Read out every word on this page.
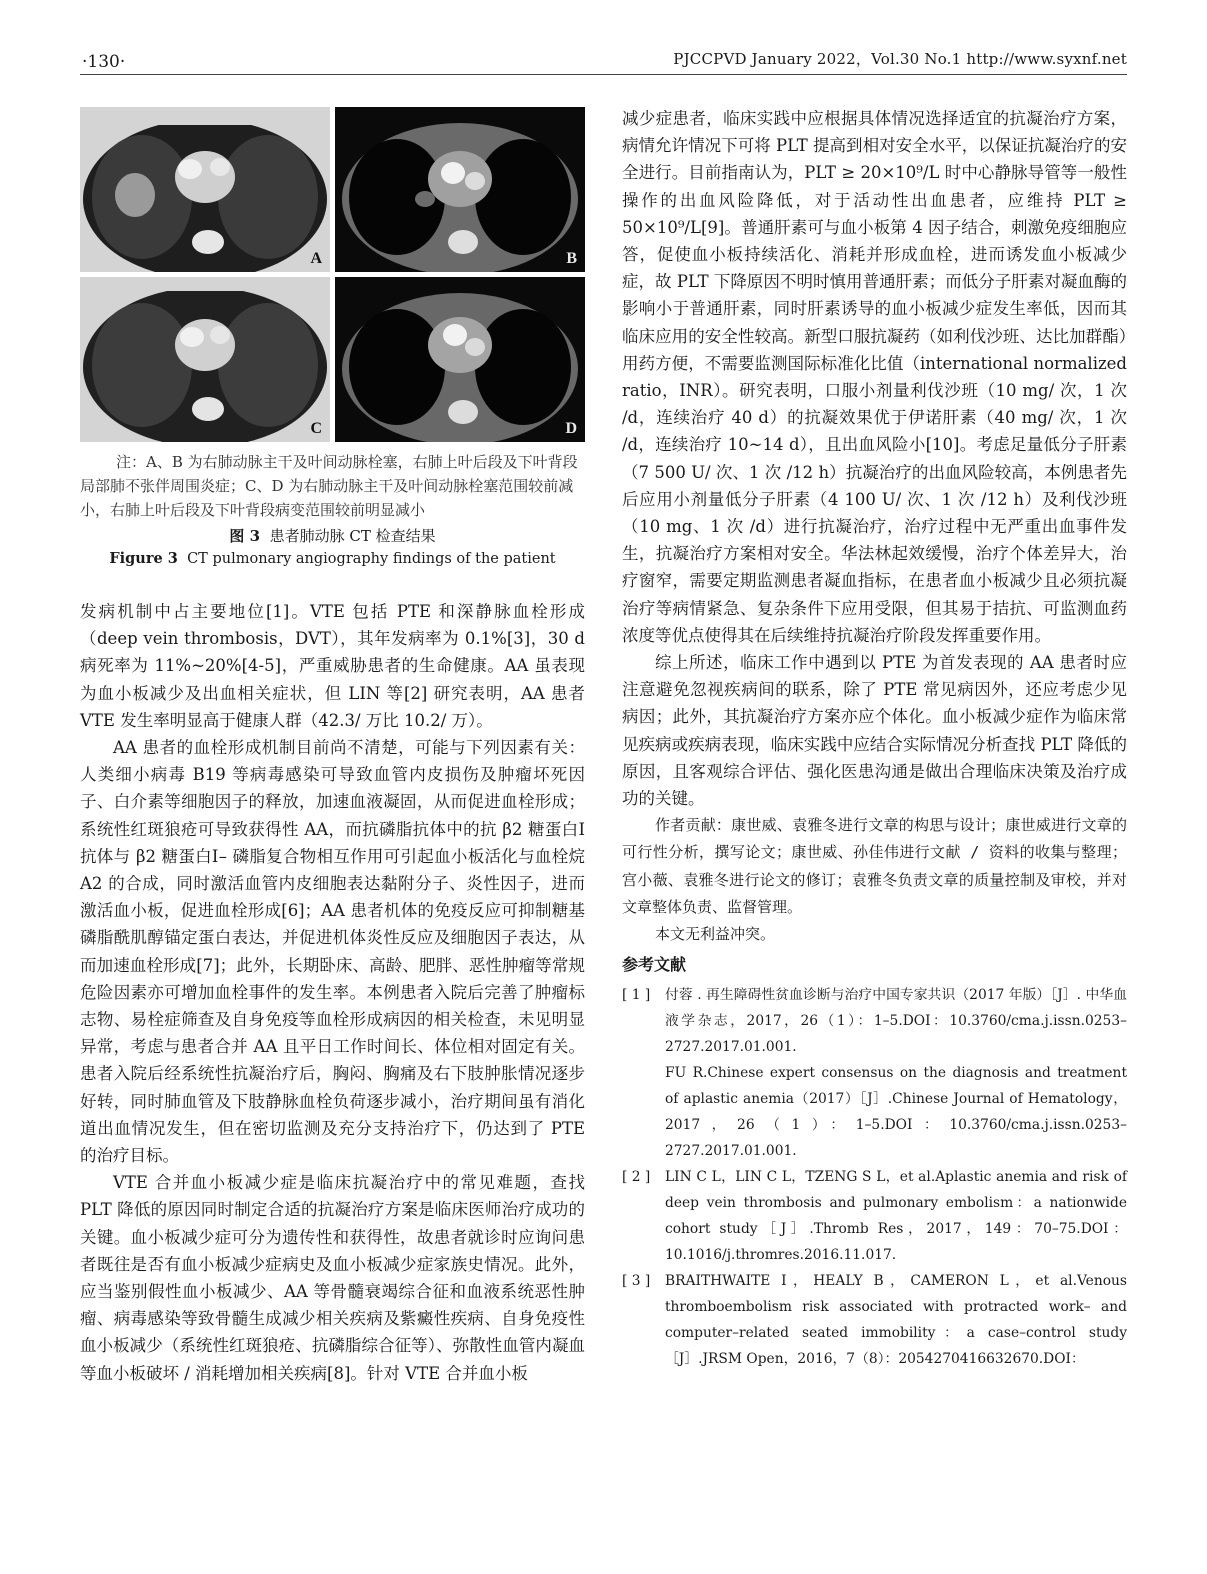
·130·	PJCCPVD January 2022，Vol.30 No.1 http://www.syxnf.net
A	B
C	D
注：A、B 为右肺动脉主干及叶间动脉栓塞，右肺上叶后段及下叶背段局部肺不张伴周围炎症；C、D 为右肺动脉主干及叶间动脉栓塞范围较前减小，右肺上叶后段及下叶背段病变范围较前明显减小
图 3 患者肺动脉 CT 检查结果
Figure 3 CT pulmonary angiography findings of the patient

发病机制中占主要地位[1]。VTE 包括 PTE 和深静脉血栓形成（deep vein thrombosis，DVT），其年发病率为 0.1%[3]，30 d 病死率为 11%~20%[4-5]，严重威胁患者的生命健康。AA 虽表现为血小板减少及出血相关症状，但 LIN 等[2] 研究表明，AA 患者 VTE 发生率明显高于健康人群（42.3/ 万比 10.2/ 万）。

AA 患者的血栓形成机制目前尚不清楚，可能与下列因素有关：人类细小病毒 B19 等病毒感染可导致血管内皮损伤及肿瘤坏死因子、白介素等细胞因子的释放，加速血液凝固，从而促进血栓形成；系统性红斑狼疮可导致获得性 AA，而抗磷脂抗体中的抗 β2 糖蛋白Ⅰ抗体与 β2 糖蛋白Ⅰ– 磷脂复合物相互作用可引起血小板活化与血栓烷 A2 的合成，同时激活血管内皮细胞表达黏附分子、炎性因子，进而激活血小板，促进血栓形成[6]；AA 患者机体的免疫反应可抑制糖基磷脂酰肌醇锚定蛋白表达，并促进机体炎性反应及细胞因子表达，从而加速血栓形成[7]；此外，长期卧床、高龄、肥胖、恶性肿瘤等常规危险因素亦可增加血栓事件的发生率。本例患者入院后完善了肿瘤标志物、易栓症筛查及自身免疫等血栓形成病因的相关检查，未见明显异常，考虑与患者合并 AA 且平日工作时间长、体位相对固定有关。患者入院后经系统性抗凝治疗后，胸闷、胸痛及右下肢肿胀情况逐步好转，同时肺血管及下肢静脉血栓负荷逐步减小，治疗期间虽有消化道出血情况发生，但在密切监测及充分支持治疗下，仍达到了 PTE 的治疗目标。

VTE 合并血小板减少症是临床抗凝治疗中的常见难题，查找 PLT 降低的原因同时制定合适的抗凝治疗方案是临床医师治疗成功的关键。血小板减少症可分为遗传性和获得性，故患者就诊时应询问患者既往是否有血小板减少症病史及血小板减少症家族史情况。此外，应当鉴别假性血小板减少、AA 等骨髓衰竭综合征和血液系统恶性肿瘤、病毒感染等致骨髓生成减少相关疾病及紫癜性疾病、自身免疫性血小板减少（系统性红斑狼疮、抗磷脂综合征等）、弥散性血管内凝血等血小板破坏 / 消耗增加相关疾病[8]。针对 VTE 合并血小板

减少症患者，临床实践中应根据具体情况选择适宜的抗凝治疗方案，病情允许情况下可将 PLT 提高到相对安全水平，以保证抗凝治疗的安全进行。目前指南认为，PLT ≥ 20×10⁹/L 时中心静脉导管等一般性操作的出血风险降低，对于活动性出血患者，应维持 PLT ≥ 50×10⁹/L[9]。普通肝素可与血小板第 4 因子结合，刺激免疫细胞应答，促使血小板持续活化、消耗并形成血栓，进而诱发血小板减少症，故 PLT 下降原因不明时慎用普通肝素；而低分子肝素对凝血酶的影响小于普通肝素，同时肝素诱导的血小板减少症发生率低，因而其临床应用的安全性较高。新型口服抗凝药（如利伐沙班、达比加群酯）用药方便，不需要监测国际标准化比值（international normalized ratio，INR）。研究表明，口服小剂量利伐沙班（10 mg/ 次，1 次 /d，连续治疗 40 d）的抗凝效果优于伊诺肝素（40 mg/ 次，1 次 /d，连续治疗 10~14 d），且出血风险小[10]。考虑足量低分子肝素（7 500 U/ 次、1 次 /12 h）抗凝治疗的出血风险较高，本例患者先后应用小剂量低分子肝素（4 100 U/ 次、1 次 /12 h）及利伐沙班（10 mg、1 次 /d）进行抗凝治疗，治疗过程中无严重出血事件发生，抗凝治疗方案相对安全。华法林起效缓慢，治疗个体差异大，治疗窗窄，需要定期监测患者凝血指标，在患者血小板减少且必须抗凝治疗等病情紧急、复杂条件下应用受限，但其易于拮抗、可监测血药浓度等优点使得其在后续维持抗凝治疗阶段发挥重要作用。

综上所述，临床工作中遇到以 PTE 为首发表现的 AA 患者时应注意避免忽视疾病间的联系，除了 PTE 常见病因外，还应考虑少见病因；此外，其抗凝治疗方案亦应个体化。血小板减少症作为临床常见疾病或疾病表现，临床实践中应结合实际情况分析查找 PLT 降低的原因，且客观综合评估、强化医患沟通是做出合理临床决策及治疗成功的关键。

作者贡献：康世威、袁雅冬进行文章的构思与设计；康世威进行文章的可行性分析，撰写论文；康世威、孙佳伟进行文献 / 资料的收集与整理；宫小薇、袁雅冬进行论文的修订；袁雅冬负责文章的质量控制及审校，并对文章整体负责、监督管理。

本文无利益冲突。

参考文献

[ 1 ] 付蓉 . 再生障碍性贫血诊断与治疗中国专家共识（2017 年版）［J］. 中华血液学杂志，2017，26（1）：1–5.DOI：10.3760/cma.j.issn.0253–2727.2017.01.001.
FU R.Chinese expert consensus on the diagnosis and treatment of aplastic anemia（2017）［J］.Chinese Journal of Hematology，2017，26（1）：1–5.DOI：10.3760/cma.j.issn.0253–2727.2017.01.001.

[ 2 ] LIN C L，LIN C L，TZENG S L，et al.Aplastic anemia and risk of deep vein thrombosis and pulmonary embolism：a nationwide cohort study［J］.Thromb Res，2017，149：70–75.DOI：10.1016/j.thromres.2016.11.017.

[ 3 ] BRAITHWAITE I，HEALY B，CAMERON L，et al.Venous thromboembolism risk associated with protracted work– and computer–related seated immobility：a case–control study［J］.JRSM Open，2016，7（8）：2054270416632670.DOI：
